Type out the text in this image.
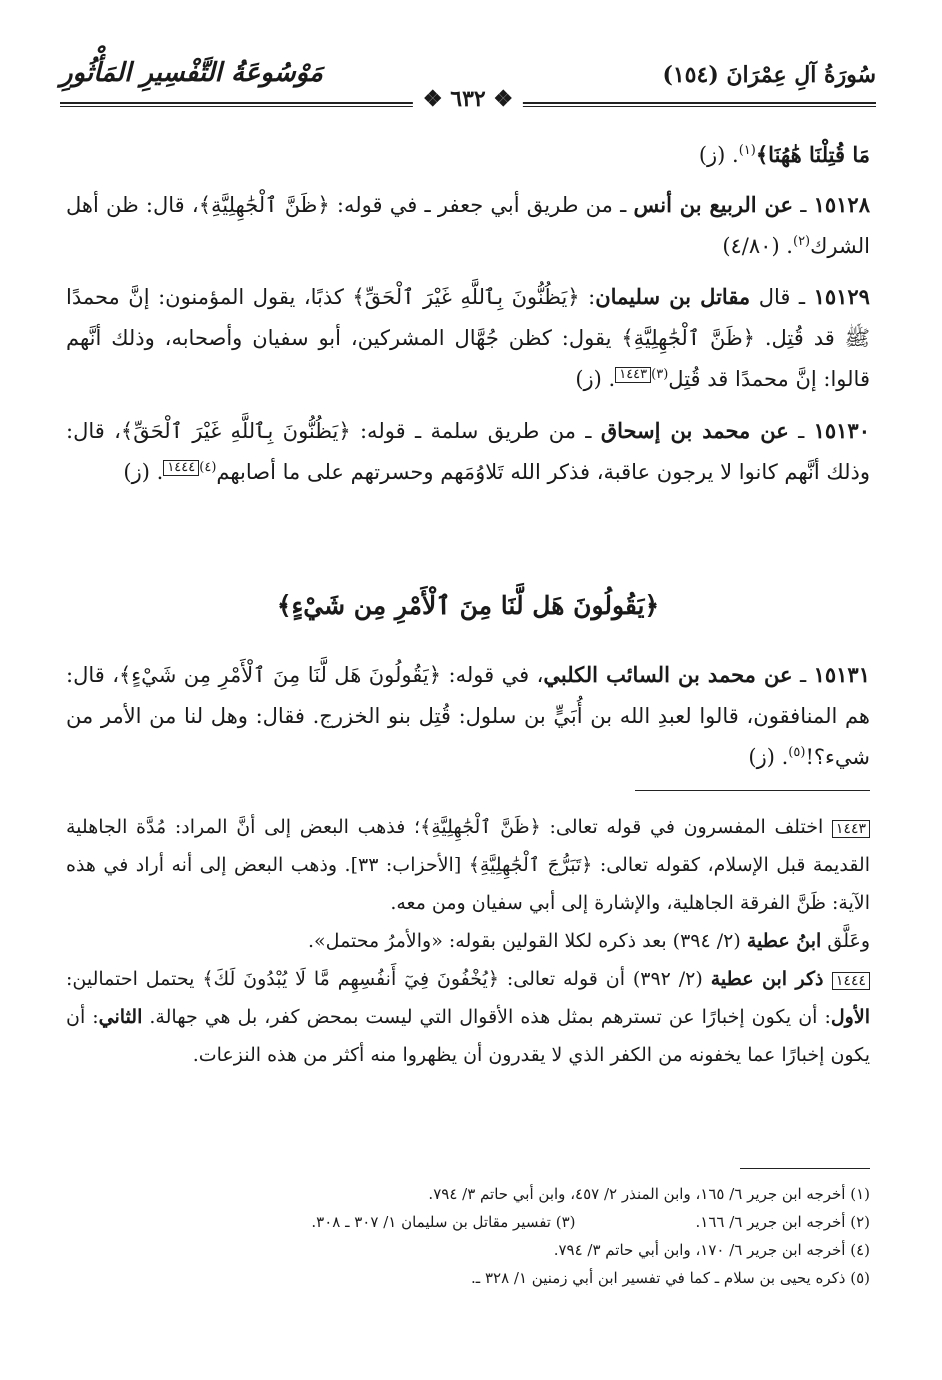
سُورَةُ آلِ عِمْرَانَ (١٥٤)
مَوْسُوعَةُ التَّفْسِيرِ المَأْثُورِ
❖ ٦٣٢ ❖
مَا قُتِلْنَا هَٰهُنَا﴾$^{(١)}$. (ز)
١٥١٢٨ ـ عن الربيع بن أنس ـ من طريق أبي جعفر ـ في قوله: ﴿ظَنَّ ٱلْجَٰهِلِيَّةِ﴾، قال: ظن أهل الشرك$^{(٢)}$. (٤/٨٠)
١٥١٢٩ ـ قال مقاتل بن سليمان: ﴿يَظُنُّونَ بِٱللَّهِ غَيْرَ ٱلْحَقِّ﴾ كذبًا، يقول المؤمنون: إنَّ محمدًا ﷺ قد قُتِل. ﴿ظَنَّ ٱلْجَٰهِلِيَّةِ﴾ يقول: كظن جُهَّال المشركين، أبو سفيان وأصحابه، وذلك أنَّهم قالوا: إنَّ محمدًا قد قُتِل$^{(٣)}$١٤٤٣. (ز)
١٥١٣٠ ـ عن محمد بن إسحاق ـ من طريق سلمة ـ قوله: ﴿يَظُنُّونَ بِٱللَّهِ غَيْرَ ٱلْحَقِّ﴾، قال: وذلك أنَّهم كانوا لا يرجون عاقبة، فذكر الله تَلاوُمَهم وحسرتهم على ما أصابهم$^{(٤)}$١٤٤٤. (ز)
﴿يَقُولُونَ هَل لَّنَا مِنَ ٱلْأَمْرِ مِن شَيْءٍ﴾
١٥١٣١ ـ عن محمد بن السائب الكلبي، في قوله: ﴿يَقُولُونَ هَل لَّنَا مِنَ ٱلْأَمْرِ مِن شَيْءٍ﴾، قال: هم المنافقون، قالوا لعبدِ الله بن أُبَيٍّ بن سلول: قُتِل بنو الخزرج. فقال: وهل لنا من الأمر من شيء؟!$^{(٥)}$. (ز)
١٤٤٣ اختلف المفسرون في قوله تعالى: ﴿ظَنَّ ٱلْجَٰهِلِيَّةِ﴾؛ فذهب البعض إلى أنَّ المراد: مُدَّة الجاهلية القديمة قبل الإسلام، كقوله تعالى: ﴿تَبَرُّجَ ٱلْجَٰهِلِيَّةِ﴾ [الأحزاب: ٣٣]. وذهب البعض إلى أنه أراد في هذه الآية: ظَنَّ الفرقة الجاهلية، والإشارة إلى أبي سفيان ومن معه.
وعَلَّق ابنُ عطية (٢/ ٣٩٤) بعد ذكره لكلا القولين بقوله: «والأمرُ محتمل».
١٤٤٤ ذكر ابن عطية (٢/ ٣٩٢) أن قوله تعالى: ﴿يُخْفُونَ فِيٓ أَنفُسِهِم مَّا لَا يُبْدُونَ لَكَ﴾ يحتمل احتمالين: الأول: أن يكون إخبارًا عن تسترهم بمثل هذه الأقوال التي ليست بمحض كفر، بل هي جهالة. الثاني: أن يكون إخبارًا عما يخفونه من الكفر الذي لا يقدرون أن يظهروا منه أكثر من هذه النزعات.
(١) أخرجه ابن جرير ٦/ ١٦٥، وابن المنذر ٢/ ٤٥٧، وابن أبي حاتم ٣/ ٧٩٤.
(٢) أخرجه ابن جرير ٦/ ١٦٦.
(٣) تفسير مقاتل بن سليمان ١/ ٣٠٧ ـ ٣٠٨.
(٤) أخرجه ابن جرير ٦/ ١٧٠، وابن أبي حاتم ٣/ ٧٩٤.
(٥) ذكره يحيى بن سلام ـ كما في تفسير ابن أبي زمنين ١/ ٣٢٨ ـ.
